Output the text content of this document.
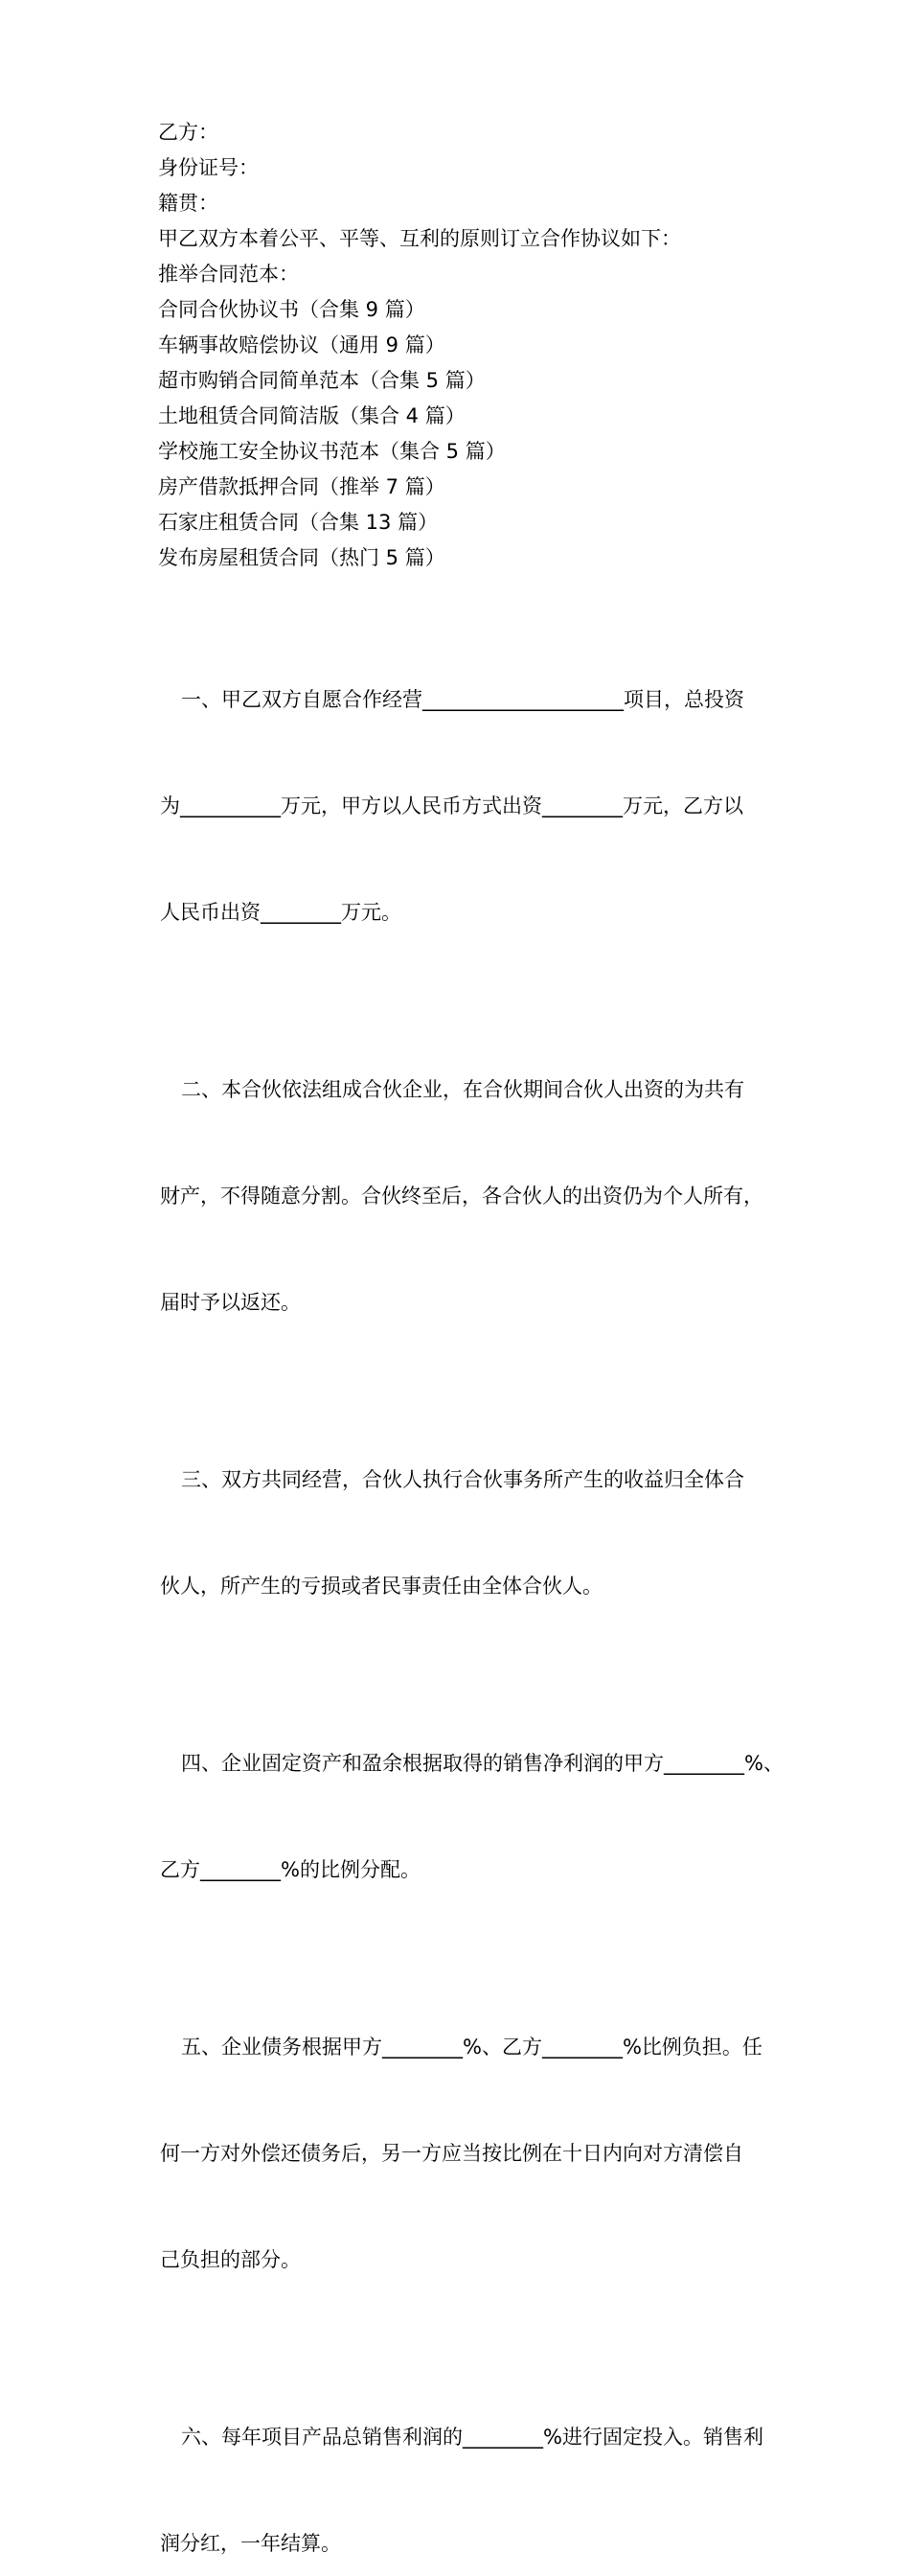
乙方：
身份证号：
籍贯：
甲乙双方本着公平、平等、互利的原则订立合作协议如下：
推举合同范本：
合同合伙协议书（合集 9 篇）
车辆事故赔偿协议（通用 9 篇）
超市购销合同简单范本（合集 5 篇）
土地租赁合同简洁版（集合 4 篇）
学校施工安全协议书范本（集合 5 篇）
房产借款抵押合同（推举 7 篇）
石家庄租赁合同（合集 13 篇）
发布房屋租赁合同（热门 5 篇）

一、甲乙双方自愿合作经营____________________项目，总投资

为__________万元，甲方以人民币方式出资________万元，乙方以

人民币出资________万元。

二、本合伙依法组成合伙企业，在合伙期间合伙人出资的为共有

财产，不得随意分割。合伙终至后，各合伙人的出资仍为个人所有，

届时予以返还。

三、双方共同经营，合伙人执行合伙事务所产生的收益归全体合

伙人，所产生的亏损或者民事责任由全体合伙人。

四、企业固定资产和盈余根据取得的销售净利润的甲方________%、

乙方________%的比例分配。

五、企业债务根据甲方________%、乙方________%比例负担。任

何一方对外偿还债务后，另一方应当按比例在十日内向对方清偿自

己负担的部分。

六、每年项目产品总销售利润的________%进行固定投入。销售利

润分红，一年结算。
